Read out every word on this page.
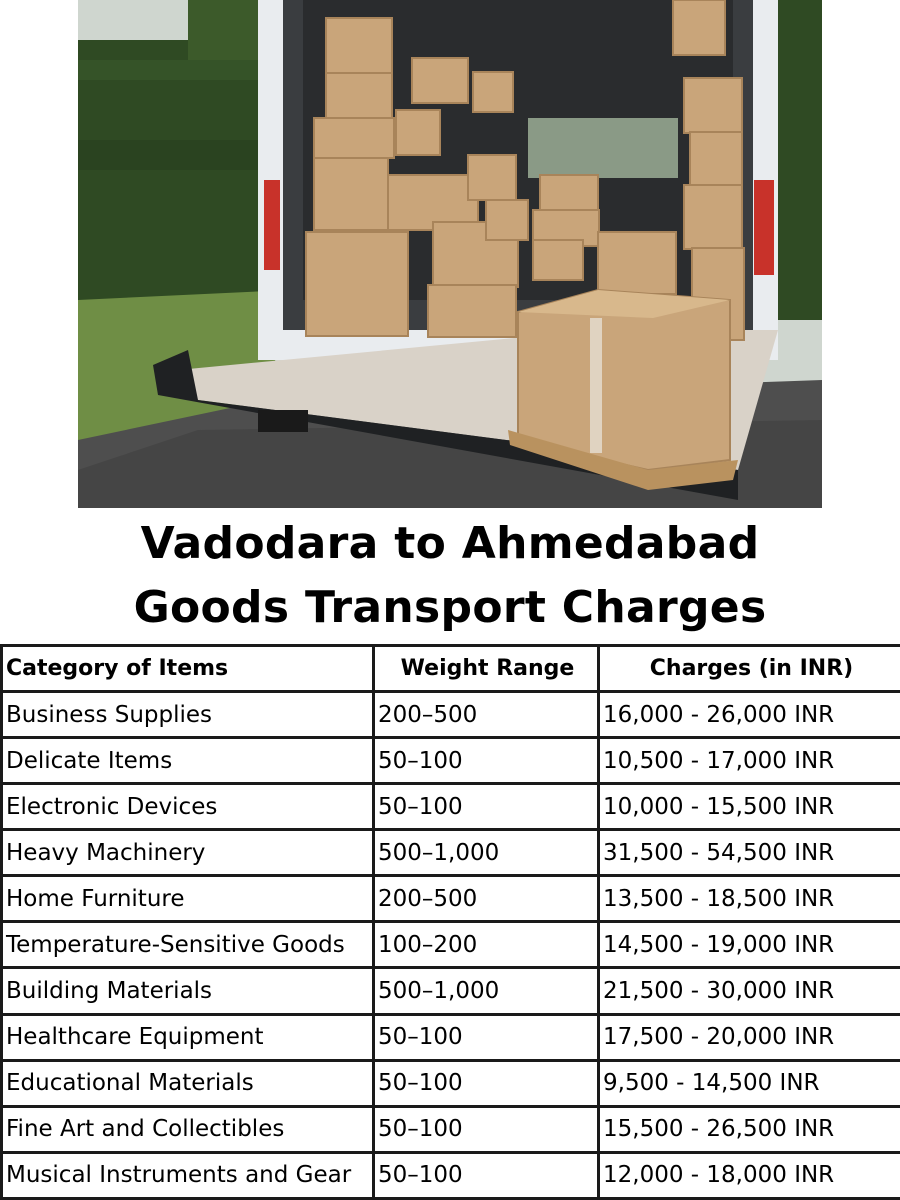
Vadodara to Ahmedabad
Goods Transport Charges
Category of Items	Weight Range	Charges (in INR)
Business Supplies	200–500	16,000 - 26,000 INR
Delicate Items	50–100	10,500 - 17,000 INR
Electronic Devices	50–100	10,000 - 15,500 INR
Heavy Machinery	500–1,000	31,500 - 54,500 INR
Home Furniture	200–500	13,500 - 18,500 INR
Temperature-Sensitive Goods	100–200	14,500 - 19,000 INR
Building Materials	500–1,000	21,500 - 30,000 INR
Healthcare Equipment	50–100	17,500 - 20,000 INR
Educational Materials	50–100	9,500 - 14,500 INR
Fine Art and Collectibles	50–100	15,500 - 26,500 INR
Musical Instruments and Gear	50–100	12,000 - 18,000 INR
